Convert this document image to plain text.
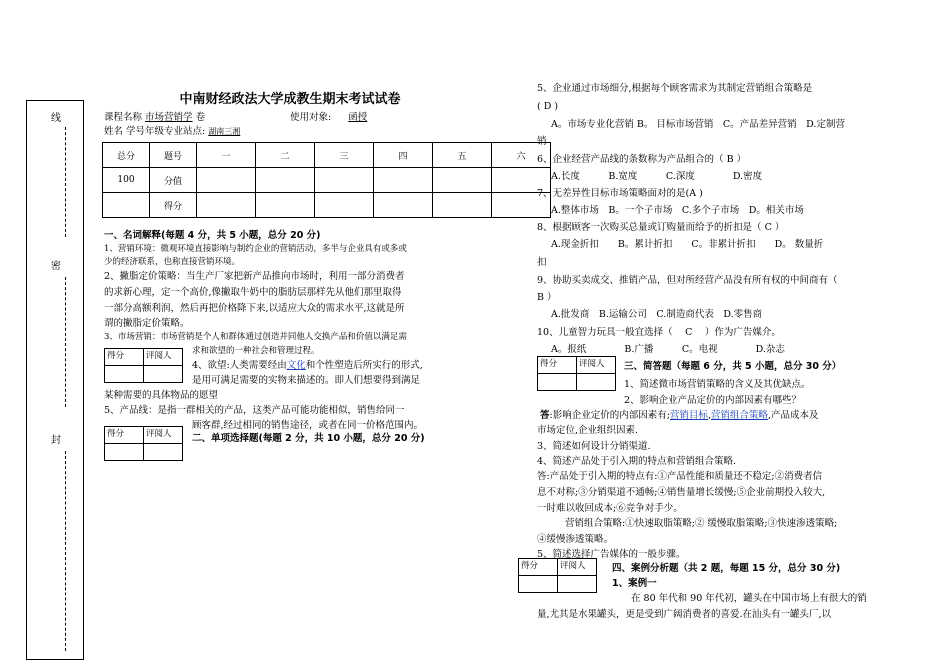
线
密
封
中南财经政法大学成教生期末考试试卷
课程名称 市场营销学 卷	使用对象: 函授
姓名 学号年级专业站点: 湖南三湘
总分	题号	一	二	三	四	五	六
100	分值						
	得分						
一、名词解释(每题 4 分，共 5 小题，总分 20 分)
1、营销环境：微观环境直接影响与制约企业的营销活动，多半与企业具有或多或
少的经济联系，也称直接营销环境。
2、撇脂定价策略：当生产厂家把新产品推向市场时，利用一部分消费者
的求新心理，定一个高价,像撇取牛奶中的脂肪层那样先从他们那里取得
一部分高额利润，然后再把价格降下来,以适应大众的需求水平,这就是所
谓的撇脂定价策略。
3、市场营销：市场营销是个人和群体通过创造并同他人交换产品和价值以满足需
求和欲望的一种社会和管理过程。
得分	评阅人

4、欲望:人类需要经由文化和个性塑造后所实行的形式,
是用可满足需要的实物来描述的。即人们想要得到满足
某种需要的具体物品的愿望
5、产品线：是指一群相关的产品，这类产品可能功能相似，销售给同一
顾客群,经过相同的销售途径，或者在同一价格范围内。
得分	评阅人
	二、单项选择题(每题 2 分，共 10 小题，总分 20 分)
5、企业通过市场细分,根据每个顾客需求为其制定营销组合策略是
( D )
A。市场专业化营销 B。 目标市场营销　C。产品差异营销　D.定制营
销
6、企业经营产品线的条数称为产品组合的（ B ）
A.长度　　　B.宽度　　　C.深度　　　　D.密度
7、无差异性目标市场策略面对的是(A )
A.整体市场　B。一个子市场　C.多个子市场　D。相关市场
8、根据顾客一次购买总量或订购量而给予的折扣是（ C ）
A.现金折扣　　B。累计折扣　　C。非累计折扣　　D。 数量折
扣
9、协助买卖成交、推销产品，但对所经营产品没有所有权的中间商有（
B ）
A.批发商　B.运输公司　C.制造商代表　D.零售商
10、儿童智力玩具一般宜选择（　 C　 ）作为广告媒介。
A。报纸　　　　B.广播　　　C。电视　　　　D.杂志
得分	评阅人
	三、简答题（每题 6 分，共 5 小题，总分 30 分）
1、简述微市场营销策略的含义及其优缺点。
2、影响企业产品定价的内部因素有哪些？
答:影响企业定价的内部因素有;营销目标,营销组合策略,产品成本及
市场定位,企业组织因素.
3、简述如何设计分销渠道.
4、简述产品处于引入期的特点和营销组合策略.
答:产品处于引入期的特点有:①产品性能和质量还不稳定;②消费者信
息不对称;③分销渠道不通畅;④销售量增长缓慢;⑤企业前期投入较大,
一时难以收回成本;⑥竞争对手少。
营销组合策略:①快速取脂策略;② 缓慢取脂策略;③快速渗透策略;
④缓慢渗透策略。
5、简述选择广告媒体的一般步骤。
四、案例分析题（共 2 题，每题 15 分，总分 30 分)
得分	评阅人

1、案例一
在 80 年代和 90 年代初，罐头在中国市场上有很大的销
量,尤其是水果罐头，更是受到广阔消费者的喜爱.在汕头有一罐头厂,以
